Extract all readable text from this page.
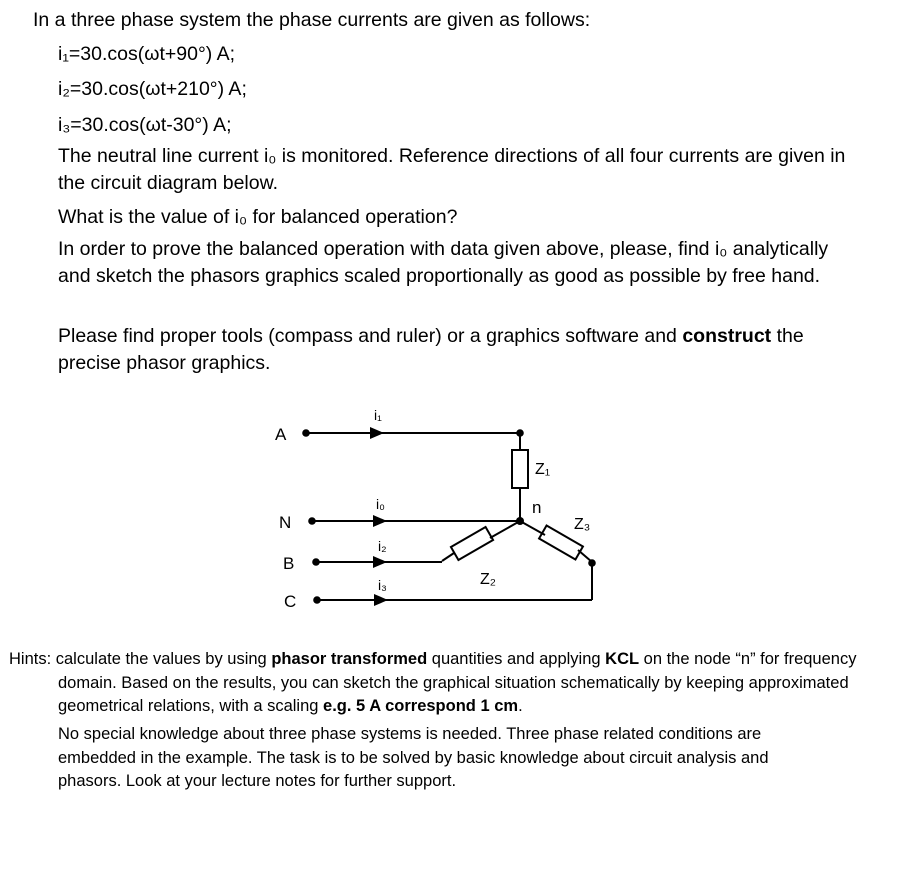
In a three phase system the phase currents are given as follows:
i₁=30.cos(ωt+90°) A;
i₂=30.cos(ωt+210°) A;
i₃=30.cos(ωt-30°) A;
The neutral line current i₀ is monitored. Reference directions of all four currents are given in the circuit diagram below.
What is the value of i₀ for balanced operation?
In order to prove the balanced operation with data given above, please, find i₀ analytically and sketch the phasors graphics scaled proportionally as good as possible by free hand.
Please find proper tools (compass and ruler) or a graphics software and construct the precise phasor graphics.
A
N
B
C
n
i₁
i₀
i₂
i₃
Z₁
Z₂
Z₃
Hints: calculate the values by using phasor transformed quantities and applying KCL on the node “n” for frequency domain. Based on the results, you can sketch the graphical situation schematically by keeping approximated geometrical relations, with a scaling e.g. 5 A correspond 1 cm.
No special knowledge about three phase systems is needed. Three phase related conditions are embedded in the example. The task is to be solved by basic knowledge about circuit analysis and phasors. Look at your lecture notes for further support.
